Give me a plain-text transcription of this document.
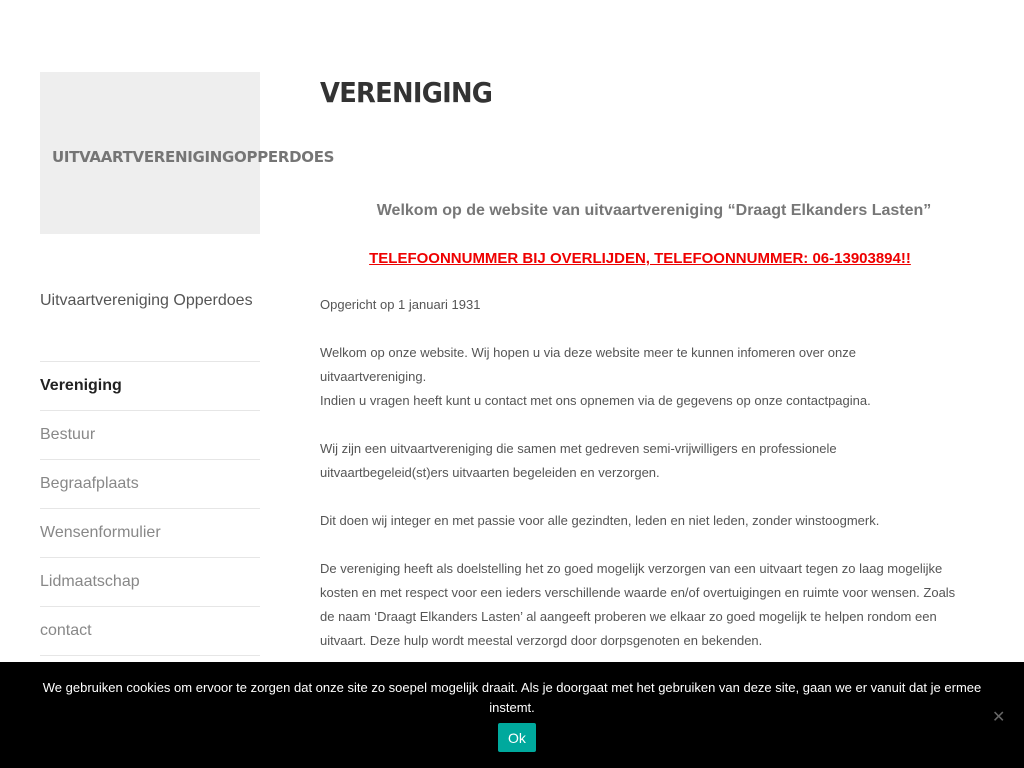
UITVAARTVERENIGINGOPPERDOES
Uitvaartvereniging Opperdoes
Vereniging
Bestuur
Begraafplaats
Wensenformulier
Lidmaatschap
contact
VERENIGING

Welkom op de website van uitvaartvereniging “Draagt Elkanders Lasten”

TELEFOONNUMMER BIJ OVERLIJDEN, TELEFOONNUMMER: 06-13903894!!

Opgericht op 1 januari 1931

Welkom op onze website. Wij hopen u via deze website meer te kunnen infomeren over onze uitvaartvereniging.

Indien u vragen heeft kunt u contact met ons opnemen via de gegevens op onze contactpagina.

Wij zijn een uitvaartvereniging die samen met gedreven semi-vrijwilligers en professionele uitvaartbegeleid(st)ers uitvaarten begeleiden en verzorgen.

Dit doen wij integer en met passie voor alle gezindten, leden en niet leden, zonder winstoogmerk.

De vereniging heeft als doelstelling het zo goed mogelijk verzorgen van een uitvaart tegen zo laag mogelijke kosten en met respect voor een ieders verschillende waarde en/of overtuigingen en ruimte voor wensen. Zoals de naam ‘Draagt Elkanders Lasten’ al aangeeft proberen we elkaar zo goed mogelijk te helpen rondom een uitvaart. Deze hulp wordt meestal verzorgd door dorpsgenoten en bekenden.

We gebruiken cookies om ervoor te zorgen dat onze site zo soepel mogelijk draait. Als je doorgaat met het gebruiken van deze site, gaan we er vanuit dat je ermee instemt.
Ok
✕
